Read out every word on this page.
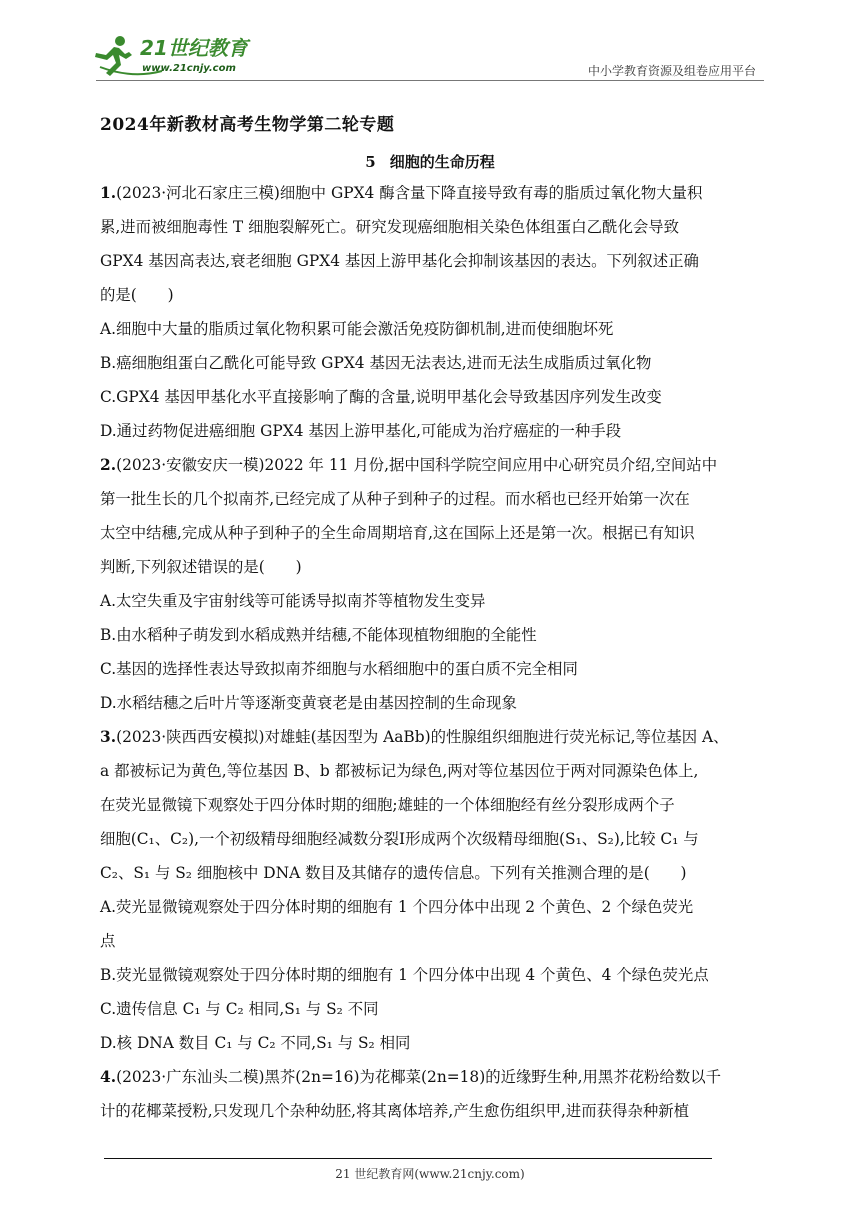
21世纪教育
www.21cnjy.com	中小学教育资源及组卷应用平台
2024年新教材高考生物学第二轮专题
5 细胞的生命历程

1.(2023·河北石家庄三模)细胞中 GPX4 酶含量下降直接导致有毒的脂质过氧化物大量积

累,进而被细胞毒性 T 细胞裂解死亡。研究发现癌细胞相关染色体组蛋白乙酰化会导致

GPX4 基因高表达,衰老细胞 GPX4 基因上游甲基化会抑制该基因的表达。下列叙述正确

的是(　　)

A.细胞中大量的脂质过氧化物积累可能会激活免疫防御机制,进而使细胞坏死

B.癌细胞组蛋白乙酰化可能导致 GPX4 基因无法表达,进而无法生成脂质过氧化物

C.GPX4 基因甲基化水平直接影响了酶的含量,说明甲基化会导致基因序列发生改变

D.通过药物促进癌细胞 GPX4 基因上游甲基化,可能成为治疗癌症的一种手段

2.(2023·安徽安庆一模)2022 年 11 月份,据中国科学院空间应用中心研究员介绍,空间站中

第一批生长的几个拟南芥,已经完成了从种子到种子的过程。而水稻也已经开始第一次在

太空中结穗,完成从种子到种子的全生命周期培育,这在国际上还是第一次。根据已有知识

判断,下列叙述错误的是(　　)

A.太空失重及宇宙射线等可能诱导拟南芥等植物发生变异

B.由水稻种子萌发到水稻成熟并结穗,不能体现植物细胞的全能性

C.基因的选择性表达导致拟南芥细胞与水稻细胞中的蛋白质不完全相同

D.水稻结穗之后叶片等逐渐变黄衰老是由基因控制的生命现象

3.(2023·陕西西安模拟)对雄蛙(基因型为 AaBb)的性腺组织细胞进行荧光标记,等位基因 A、

a 都被标记为黄色,等位基因 B、b 都被标记为绿色,两对等位基因位于两对同源染色体上,

在荧光显微镜下观察处于四分体时期的细胞;雄蛙的一个体细胞经有丝分裂形成两个子

细胞(C₁、C₂),一个初级精母细胞经减数分裂Ⅰ形成两个次级精母细胞(S₁、S₂),比较 C₁ 与

C₂、S₁ 与 S₂ 细胞核中 DNA 数目及其储存的遗传信息。下列有关推测合理的是(　　)

A.荧光显微镜观察处于四分体时期的细胞有 1 个四分体中出现 2 个黄色、2 个绿色荧光

点

B.荧光显微镜观察处于四分体时期的细胞有 1 个四分体中出现 4 个黄色、4 个绿色荧光点

C.遗传信息 C₁ 与 C₂ 相同,S₁ 与 S₂ 不同

D.核 DNA 数目 C₁ 与 C₂ 不同,S₁ 与 S₂ 相同

4.(2023·广东汕头二模)黑芥(2n=16)为花椰菜(2n=18)的近缘野生种,用黑芥花粉给数以千

计的花椰菜授粉,只发现几个杂种幼胚,将其离体培养,产生愈伤组织甲,进而获得杂种新植

21 世纪教育网(www.21cnjy.com)
